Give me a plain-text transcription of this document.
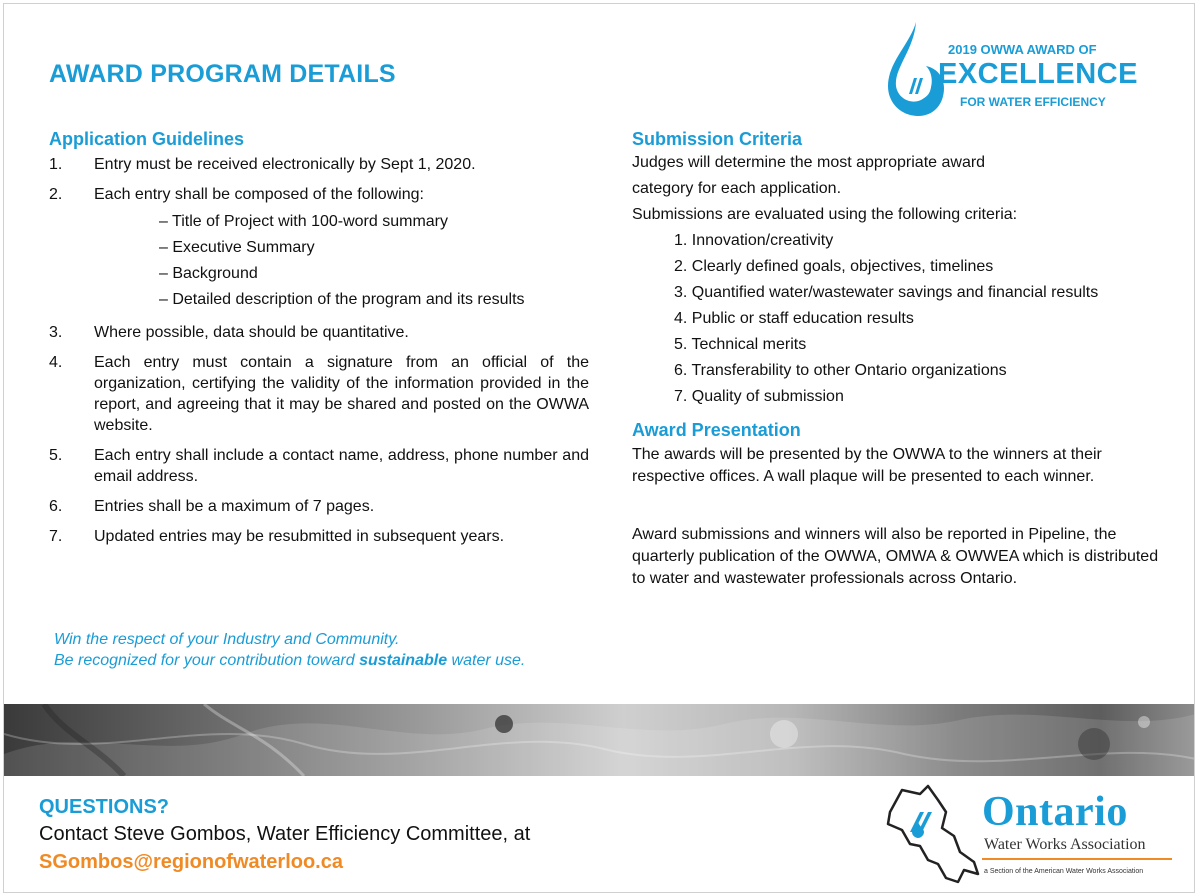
AWARD PROGRAM DETAILS
2019 OWWA AWARD OF
EXCELLENCE
FOR WATER EFFICIENCY
Application Guidelines
1. Entry must be received electronically by Sept 1, 2020.
2. Each entry shall be composed of the following:
– Title of Project with 100-word summary
– Executive Summary
– Background
– Detailed description of the program and its results
3. Where possible, data should be quantitative.
4. Each entry must contain a signature from an official of the organization, certifying the validity of the information provided in the report, and agreeing that it may be shared and posted on the OWWA website.
5. Each entry shall include a contact name, address, phone number and email address.
6. Entries shall be a maximum of 7 pages.
7. Updated entries may be resubmitted in subsequent years.
Win the respect of your Industry and Community.
Be recognized for your contribution toward sustainable water use.
Submission Criteria

Judges will determine the most appropriate award

category for each application.

Submissions are evaluated using the following criteria:

1. Innovation/creativity
2. Clearly defined goals, objectives, timelines
3. Quantified water/wastewater savings and financial results
4. Public or staff education results
5. Technical merits
6. Transferability to other Ontario organizations
7. Quality of submission
Award Presentation

The awards will be presented by the OWWA to the winners at their respective offices. A wall plaque will be presented to each winner.

Award submissions and winners will also be reported in Pipeline, the quarterly publication of the OWWA, OMWA & OWWEA which is distributed to water and wastewater professionals across Ontario.

QUESTIONS?
Contact Steve Gombos, Water Efficiency Committee, at
SGombos@regionofwaterloo.ca
Ontario
Water Works Association
a Section of the American Water Works Association
